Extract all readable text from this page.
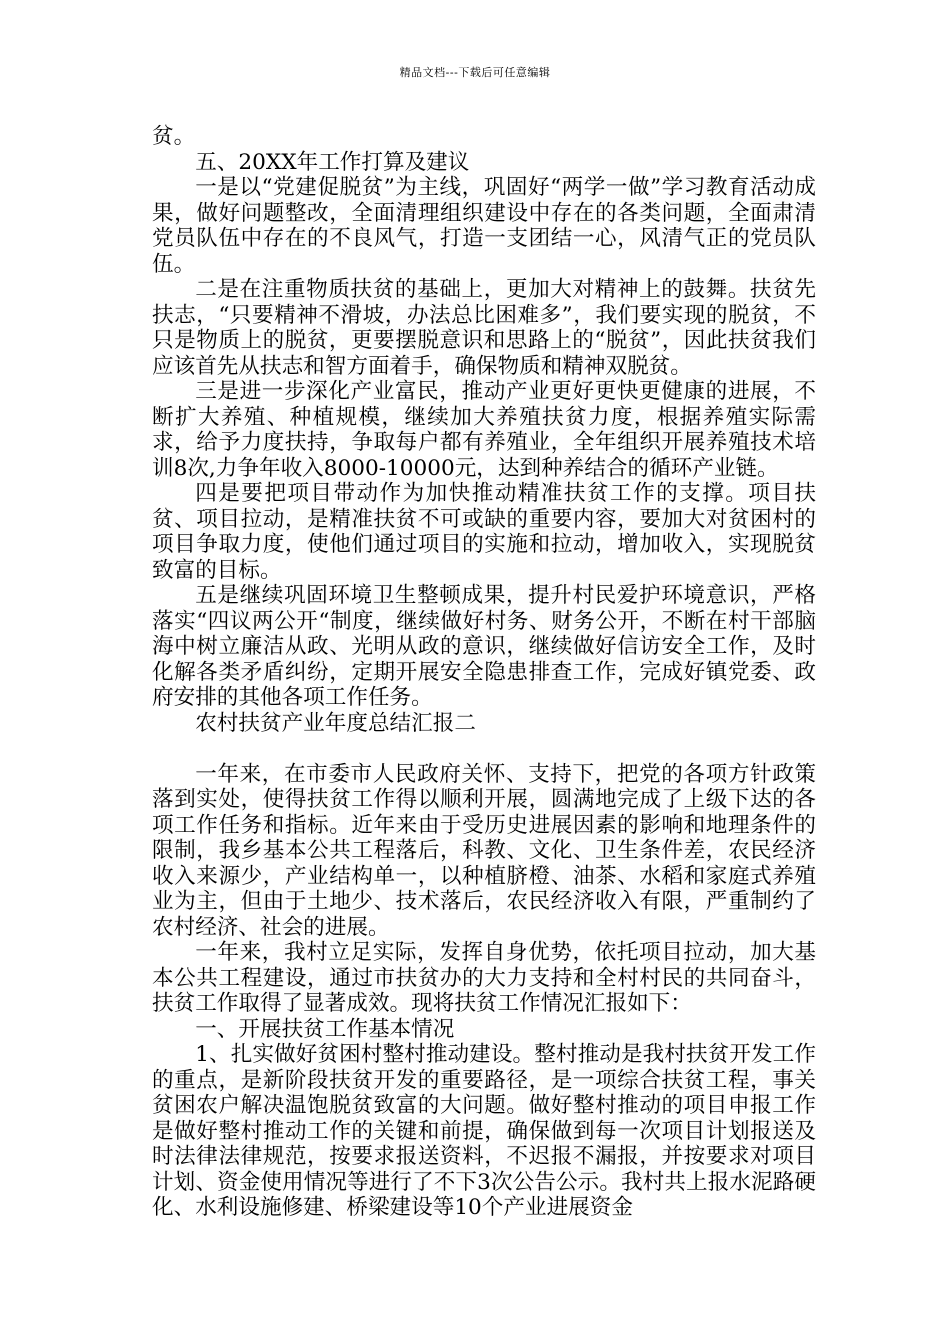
精品文档---下载后可任意编辑

贫。

五、20XX年工作打算及建议

一是以“党建促脱贫”为主线，巩固好“两学一做”学习教育活动成果，做好问题整改，全面清理组织建设中存在的各类问题，全面肃清党员队伍中存在的不良风气，打造一支团结一心，风清气正的党员队伍。

二是在注重物质扶贫的基础上，更加大对精神上的鼓舞。扶贫先扶志，“只要精神不滑坡，办法总比困难多”，我们要实现的脱贫，不只是物质上的脱贫，更要摆脱意识和思路上的“脱贫”，因此扶贫我们应该首先从扶志和智方面着手，确保物质和精神双脱贫。

三是进一步深化产业富民，推动产业更好更快更健康的进展，不断扩大养殖、种植规模，继续加大养殖扶贫力度，根据养殖实际需求，给予力度扶持，争取每户都有养殖业，全年组织开展养殖技术培训8次,力争年收入8000-10000元，达到种养结合的循环产业链。

四是要把项目带动作为加快推动精准扶贫工作的支撑。项目扶贫、项目拉动，是精准扶贫不可或缺的重要内容，要加大对贫困村的项目争取力度，使他们通过项目的实施和拉动，增加收入，实现脱贫致富的目标。

五是继续巩固环境卫生整顿成果，提升村民爱护环境意识，严格落实“四议两公开“制度，继续做好村务、财务公开，不断在村干部脑海中树立廉洁从政、光明从政的意识，继续做好信访安全工作，及时化解各类矛盾纠纷，定期开展安全隐患排查工作，完成好镇党委、政府安排的其他各项工作任务。

农村扶贫产业年度总结汇报二

一年来，在市委市人民政府关怀、支持下，把党的各项方针政策落到实处，使得扶贫工作得以顺利开展，圆满地完成了上级下达的各项工作任务和指标。近年来由于受历史进展因素的影响和地理条件的限制，我乡基本公共工程落后，科教、文化、卫生条件差，农民经济收入来源少，产业结构单一，以种植脐橙、油茶、水稻和家庭式养殖业为主，但由于土地少、技术落后，农民经济收入有限，严重制约了农村经济、社会的进展。

一年来，我村立足实际，发挥自身优势，依托项目拉动，加大基本公共工程建设，通过市扶贫办的大力支持和全村村民的共同奋斗，扶贫工作取得了显著成效。现将扶贫工作情况汇报如下：

一、开展扶贫工作基本情况

1、扎实做好贫困村整村推动建设。整村推动是我村扶贫开发工作的重点，是新阶段扶贫开发的重要路径，是一项综合扶贫工程，事关贫困农户解决温饱脱贫致富的大问题。做好整村推动的项目申报工作是做好整村推动工作的关键和前提，确保做到每一次项目计划报送及时法律法律规范，按要求报送资料，不迟报不漏报，并按要求对项目计划、资金使用情况等进行了不下3次公告公示。我村共上报水泥路硬化、水利设施修建、桥梁建设等10个产业进展资金
